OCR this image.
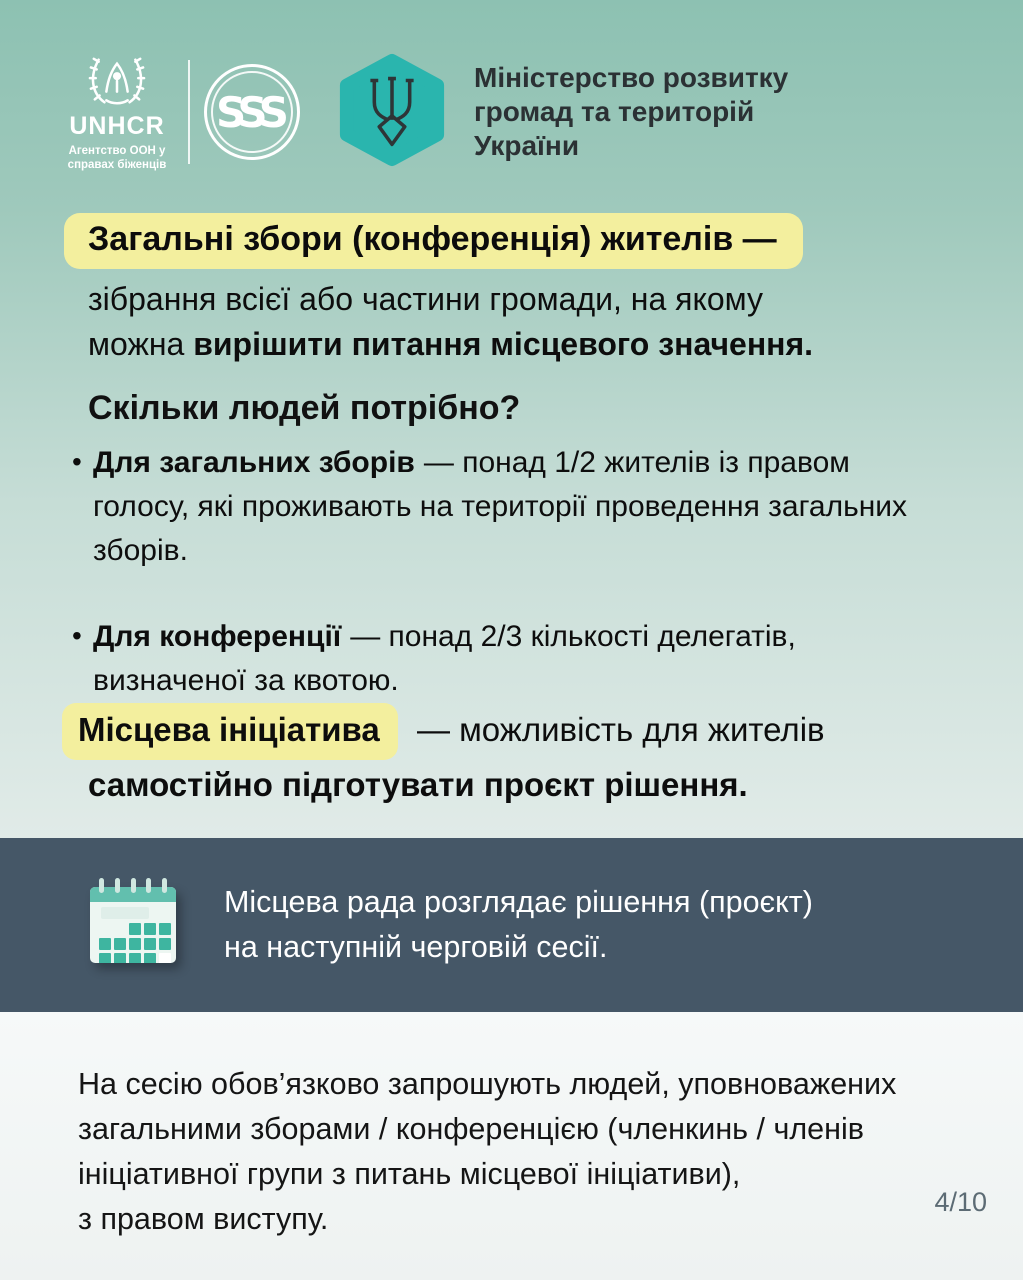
UNHCR
Агентство ООН у
справах біженців
SSS
Міністерство розвитку
громад та територій
України
Загальні збори (конференція) жителів —
зібрання всієї або частини громади, на якому
можна вирішити питання місцевого значення.
Скільки людей потрібно?
• Для загальних зборів — понад 1/2 жителів із правом голосу, які проживають на території проведення загальних зборів.
• Для конференції — понад 2/3 кількості делегатів, визначеної за квотою.
Місцева ініціатива — можливість для жителів
самостійно підготувати проєкт рішення.
Місцева рада розглядає рішення (проєкт)
на наступній черговій сесії.
На сесію обов’язково запрошують людей, уповноважених
загальними зборами / конференцією (членкинь / членів
ініціативної групи з питань місцевої ініціативи),
з правом виступу.	4/10
